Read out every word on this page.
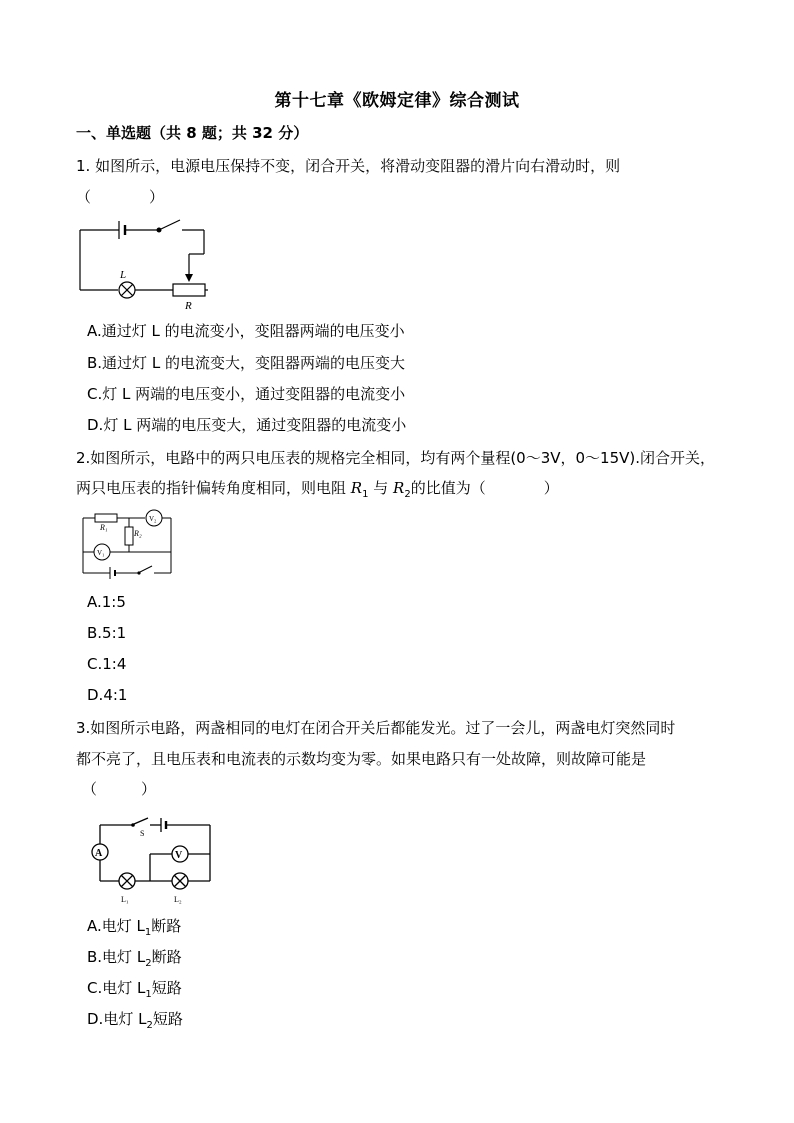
第十七章《欧姆定律》综合测试
一、单选题（共 8 题；共 32 分）
1. 如图所示，电源电压保持不变，闭合开关，将滑动变阻器的滑片向右滑动时，则
（	）
L
R
A.通过灯 L 的电流变小，变阻器两端的电压变小
B.通过灯 L 的电流变大，变阻器两端的电压变大
C.灯 L 两端的电压变小，通过变阻器的电流变小
D.灯 L 两端的电压变大，通过变阻器的电流变小
2.如图所示，电路中的两只电压表的规格完全相同，均有两个量程(0～3V，0～15V).闭合开关，
两只电压表的指针偏转角度相同，则电阻 $R_1$ 与 $R_2$的比值为（	）
R₁
R₂
V₂
V₁
A.1:5
B.5:1
C.1:4
D.4:1
3.如图所示电路，两盏相同的电灯在闭合开关后都能发光。过了一会儿，两盏电灯突然同时
都不亮了，且电压表和电流表的示数均变为零。如果电路只有一处故障，则故障可能是
（	）
S
A	V
L₁	L₂
A.电灯 $L_1$断路
B.电灯 $L_2$断路
C.电灯 $L_1$短路
D.电灯 $L_2$短路
